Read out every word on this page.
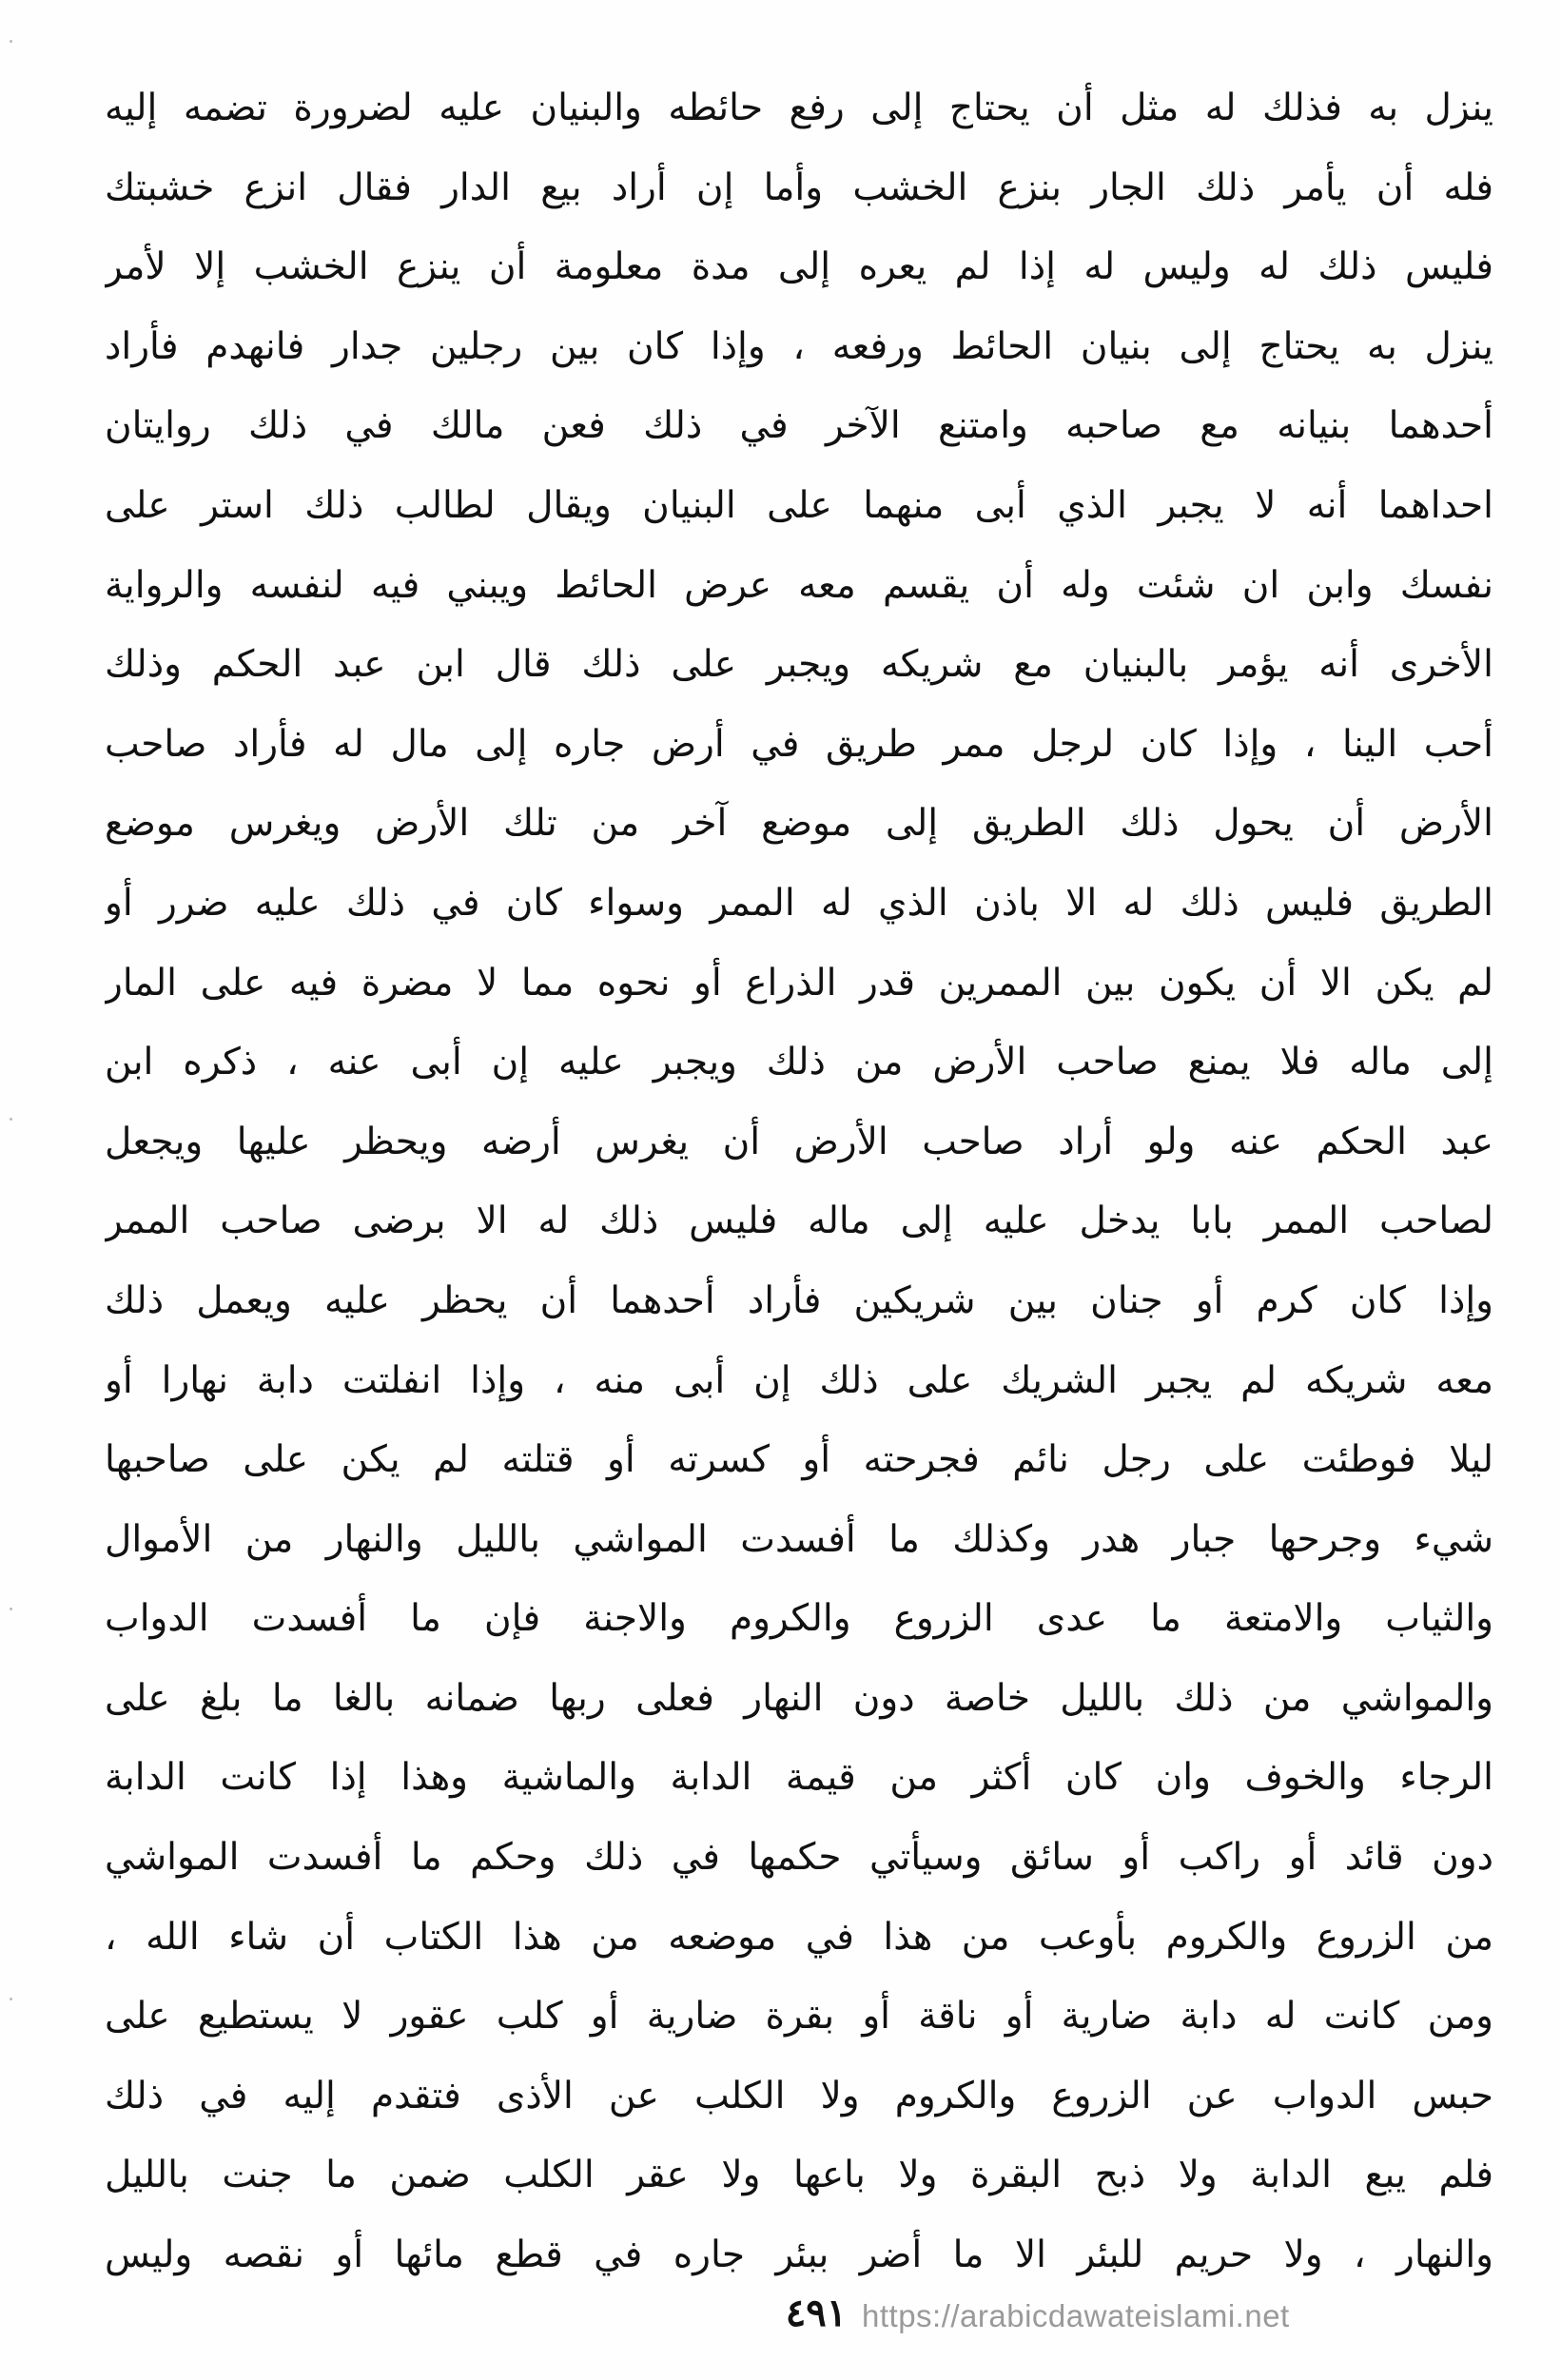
ينزل به فذلك له مثل أن يحتاج إلى رفع حائطه والبنيان عليه لضرورة تضمه إليه
فله أن يأمر ذلك الجار بنزع الخشب وأما إن أراد بيع الدار فقال انزع خشبتك
فليس ذلك له وليس له إذا لم يعره إلى مدة معلومة أن ينزع الخشب إلا لأمر
ينزل به يحتاج إلى بنيان الحائط ورفعه ، وإذا كان بين رجلين جدار فانهدم فأراد
أحدهما بنيانه مع صاحبه وامتنع الآخر في ذلك فعن مالك في ذلك روايتان
احداهما أنه لا يجبر الذي أبى منهما على البنيان ويقال لطالب ذلك استر على
نفسك وابن ان شئت وله أن يقسم معه عرض الحائط ويبني فيه لنفسه والرواية
الأخرى أنه يؤمر بالبنيان مع شريكه ويجبر على ذلك قال ابن عبد الحكم وذلك
أحب الينا ، وإذا كان لرجل ممر طريق في أرض جاره إلى مال له فأراد صاحب
الأرض أن يحول ذلك الطريق إلى موضع آخر من تلك الأرض ويغرس موضع
الطريق فليس ذلك له الا باذن الذي له الممر وسواء كان في ذلك عليه ضرر أو
لم يكن الا أن يكون بين الممرين قدر الذراع أو نحوه مما لا مضرة فيه على المار
إلى ماله فلا يمنع صاحب الأرض من ذلك ويجبر عليه إن أبى عنه ، ذكره ابن
عبد الحكم عنه ولو أراد صاحب الأرض أن يغرس أرضه ويحظر عليها ويجعل
لصاحب الممر بابا يدخل عليه إلى ماله فليس ذلك له الا برضى صاحب الممر
وإذا كان كرم أو جنان بين شريكين فأراد أحدهما أن يحظر عليه ويعمل ذلك
معه شريكه لم يجبر الشريك على ذلك إن أبى منه ، وإذا انفلتت دابة نهارا أو
ليلا فوطئت على رجل نائم فجرحته أو كسرته أو قتلته لم يكن على صاحبها
شيء وجرحها جبار هدر وكذلك ما أفسدت المواشي بالليل والنهار من الأموال
والثياب والامتعة ما عدى الزروع والكروم والاجنة فإن ما أفسدت الدواب
والمواشي من ذلك بالليل خاصة دون النهار فعلى ربها ضمانه بالغا ما بلغ على
الرجاء والخوف وان كان أكثر من قيمة الدابة والماشية وهذا إذا كانت الدابة
دون قائد أو راكب أو سائق وسيأتي حكمها في ذلك وحكم ما أفسدت المواشي
من الزروع والكروم بأوعب من هذا في موضعه من هذا الكتاب أن شاء الله ،
ومن كانت له دابة ضارية أو ناقة أو بقرة ضارية أو كلب عقور لا يستطيع على
حبس الدواب عن الزروع والكروم ولا الكلب عن الأذى فتقدم إليه في ذلك
فلم يبع الدابة ولا ذبح البقرة ولا باعها ولا عقر الكلب ضمن ما جنت بالليل
والنهار ، ولا حريم للبئر الا ما أضر ببئر جاره في قطع مائها أو نقصه وليس
٤٩١ https://arabicdawateislami.net
